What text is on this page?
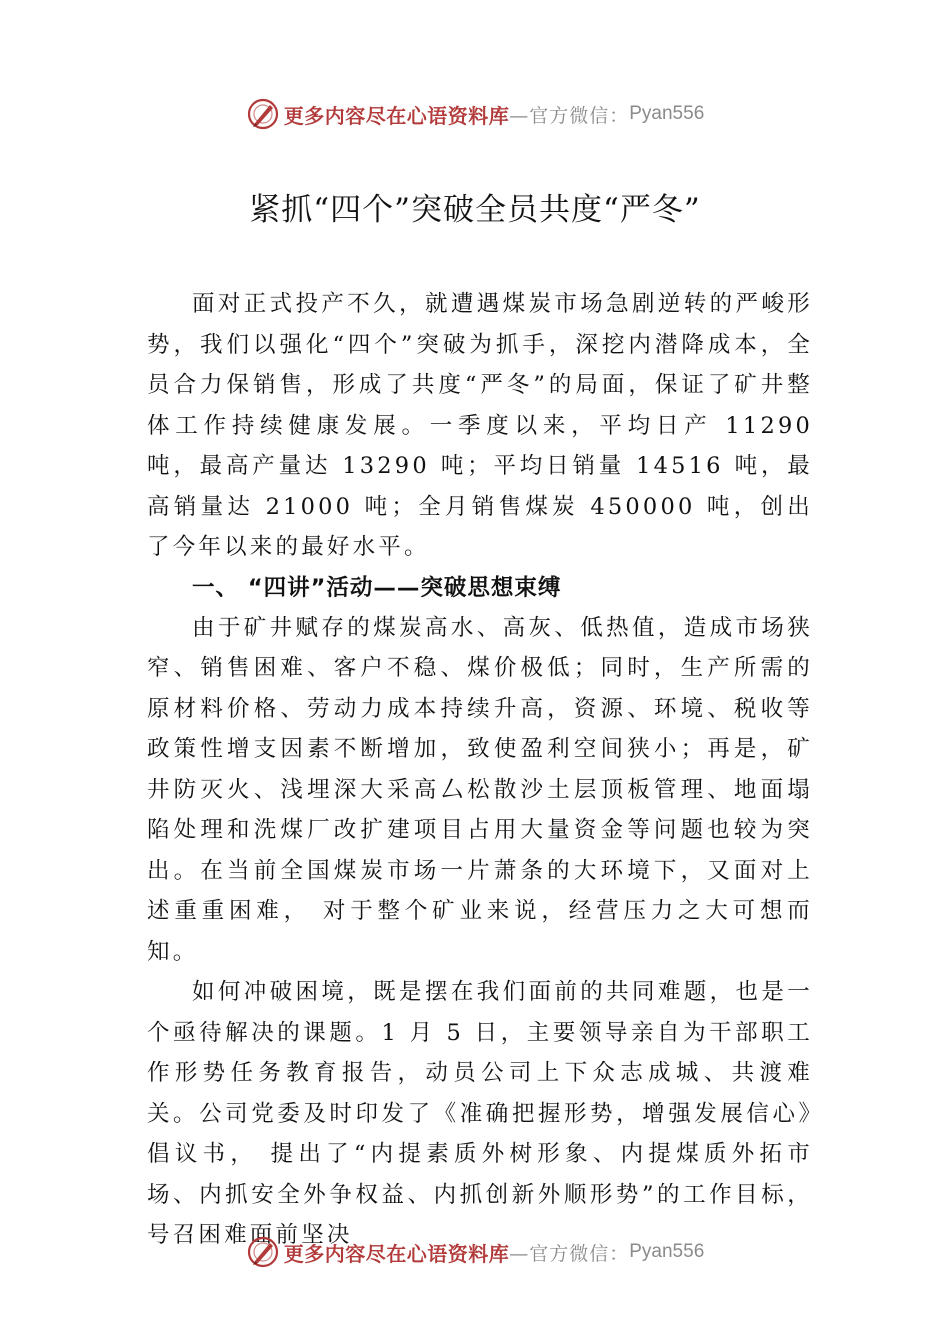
更多内容尽在心语资料库 —官方微信： Pyan556
紧抓“四个”突破全员共度“严冬”

面对正式投产不久，就遭遇煤炭市场急剧逆转的严峻形势，我们以强化“四个”突破为抓手，深挖内潜降成本，全员合力保销售，形成了共度“严冬”的局面，保证了矿井整体工作持续健康发展。一季度以来，平均日产 11290 吨，最高产量达 13290 吨；平均日销量 14516 吨，最高销量达 21000 吨；全月销售煤炭 450000 吨，创出了今年以来的最好水平。

一、 “四讲”活动——突破思想束缚

由于矿井赋存的煤炭高水、高灰、低热值，造成市场狭窄、销售困难、客户不稳、煤价极低；同时，生产所需的原材料价格、劳动力成本持续升高，资源、环境、税收等政策性增支因素不断增加，致使盈利空间狭小；再是，矿井防灭火、浅埋深大采高厶松散沙土层顶板管理、地面塌陷处理和洗煤厂改扩建项目占用大量资金等问题也较为突出。在当前全国煤炭市场一片萧条的大环境下，又面对上述重重困难， 对于整个矿业来说，经营压力之大可想而知。

如何冲破困境，既是摆在我们面前的共同难题，也是一个亟待解决的课题。1 月 5 日，主要领导亲自为干部职工作形势任务教育报告，动员公司上下众志成城、共渡难关。公司党委及时印发了《准确把握形势，增强发展信心》倡议书， 提出了“内提素质外树形象、内提煤质外拓市场、内抓安全外争权益、内抓创新外顺形势”的工作目标，号召困难面前坚决

更多内容尽在心语资料库 —官方微信： Pyan556
